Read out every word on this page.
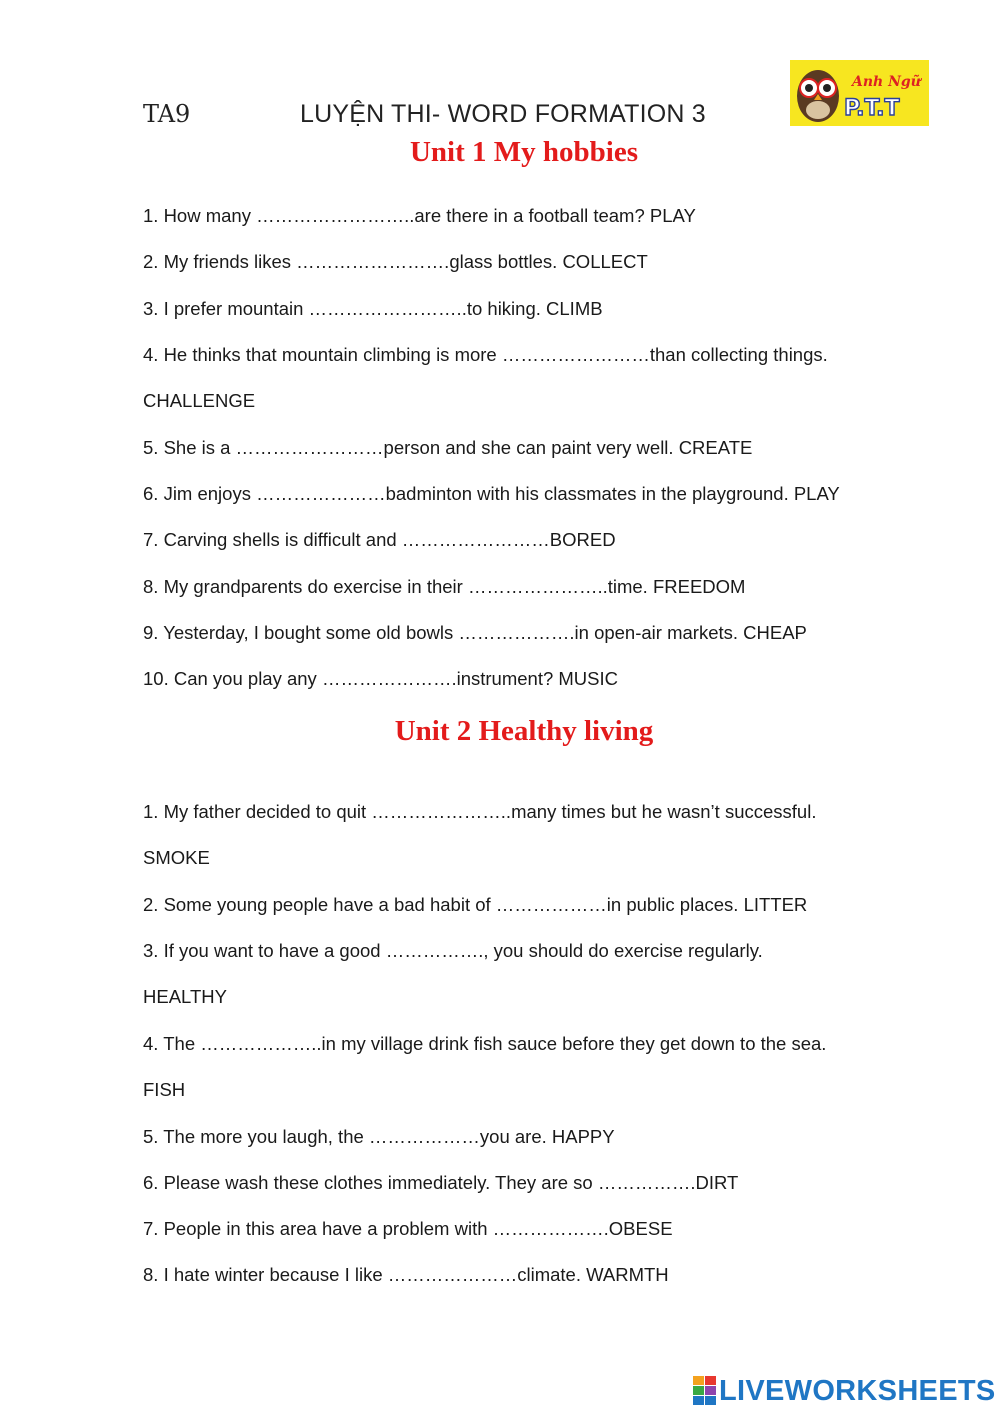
TA9	LUYỆN THI- WORD FORMATION 3
Anh Ngữ
P.T.T
Unit 1 My hobbies
1. How many ……………………..are there in a football team? PLAY
2. My friends likes …………………….glass bottles. COLLECT
3. I prefer mountain ……………………..to hiking. CLIMB
4. He thinks that mountain climbing is more ……………………than collecting things.
CHALLENGE
5. She is a ……………………person and she can paint very well. CREATE
6. Jim enjoys …………………badminton with his classmates in the playground. PLAY
7. Carving shells is difficult and ……………………BORED
8. My grandparents do exercise in their …………………..time. FREEDOM
9. Yesterday, I bought some old bowls ……………….in open-air markets. CHEAP
10. Can you play any ………………….instrument? MUSIC
Unit 2 Healthy living
1. My father decided to quit …………………..many times but he wasn’t successful.
SMOKE
2. Some young people have a bad habit of ………………in public places. LITTER
3. If you want to have a good ……………., you should do exercise regularly.
HEALTHY
4. The ………………..in my village drink fish sauce before they get down to the sea.
FISH
5. The more you laugh, the ………………you are. HAPPY
6. Please wash these clothes immediately. They are so …………….DIRT
7. People in this area have a problem with ……………….OBESE
8. I hate winter because I like …………………climate. WARMTH
LIVEWORKSHEETS
